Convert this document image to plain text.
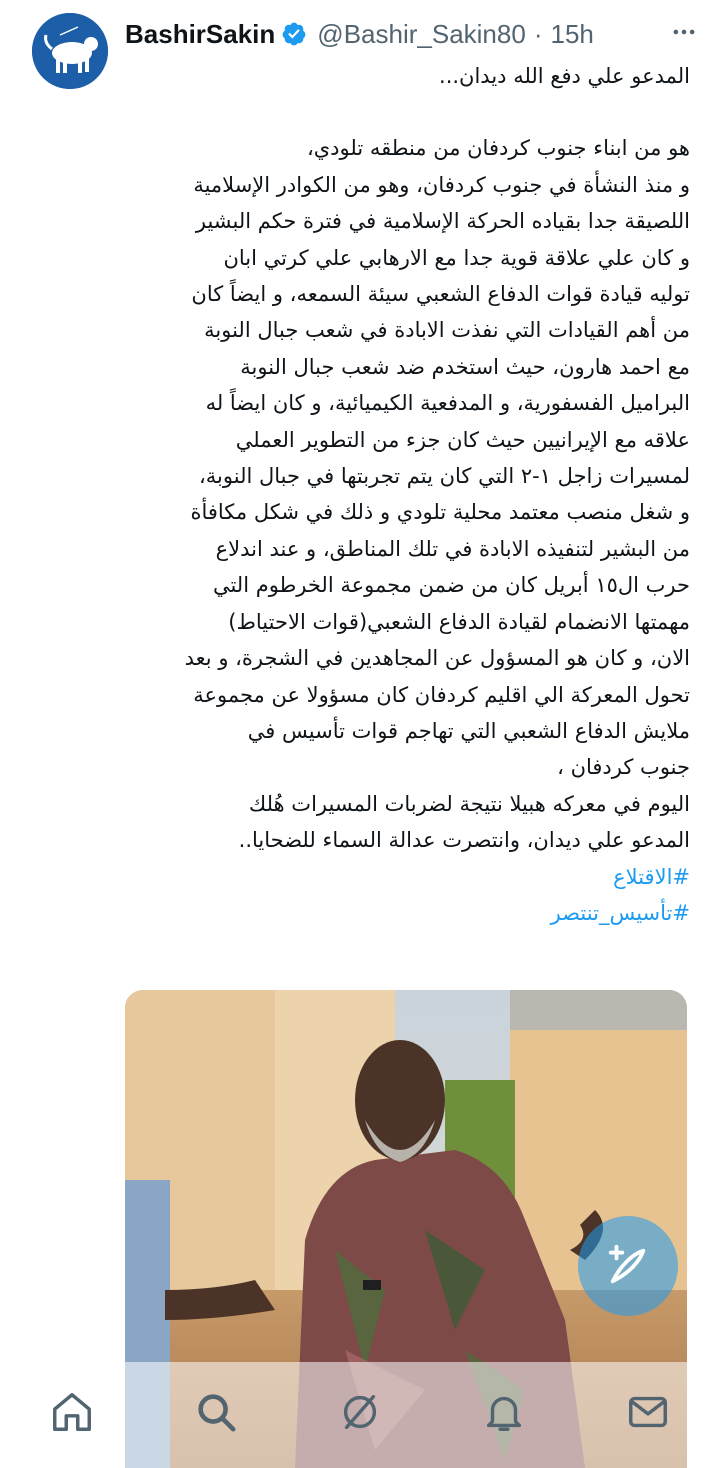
BashirSakin @Bashir_Sakin80 · 15h
المدعو علي دفع الله ديدان...
هو من ابناء جنوب كردفان من منطقه تلودي،
و منذ النشأة في جنوب كردفان، وهو من الكوادر الإسلامية
اللصيقة جدا بقياده الحركة الإسلامية في فترة حكم البشير
و كان علي علاقة قوية جدا مع الارهابي علي كرتي ابان
توليه قيادة قوات الدفاع الشعبي سيئة السمعه، و ايضاً كان
من أهم القيادات التي نفذت الابادة في شعب جبال النوبة
مع احمد هارون، حيث استخدم ضد شعب جبال النوبة
البراميل الفسفورية، و المدفعية الكيميائية، و كان ايضاً له
علاقه مع الإيرانيين حيث كان جزء من التطوير العملي
لمسيرات زاجل ١-٢ التي كان يتم تجربتها في جبال النوبة،
و شغل منصب معتمد محلية تلودي و ذلك في شكل مكافأة
من البشير لتنفيذه الابادة في تلك المناطق، و عند اندلاع
حرب ال١٥ أبريل كان من ضمن مجموعة الخرطوم التي
مهمتها الانضمام لقيادة الدفاع الشعبي(قوات الاحتياط)
الان، و كان هو المسؤول عن المجاهدين في الشجرة، و بعد
تحول المعركة الي اقليم كردفان كان مسؤولا عن مجموعة
ملايش الدفاع الشعبي التي تهاجم قوات تأسيس في
جنوب كردفان ،
اليوم في معركه هبيلا نتيجة لضربات المسيرات هُلك
المدعو علي ديدان، وانتصرت عدالة السماء للضحايا..
#الاقتلاع
#تأسيس_تنتصر
